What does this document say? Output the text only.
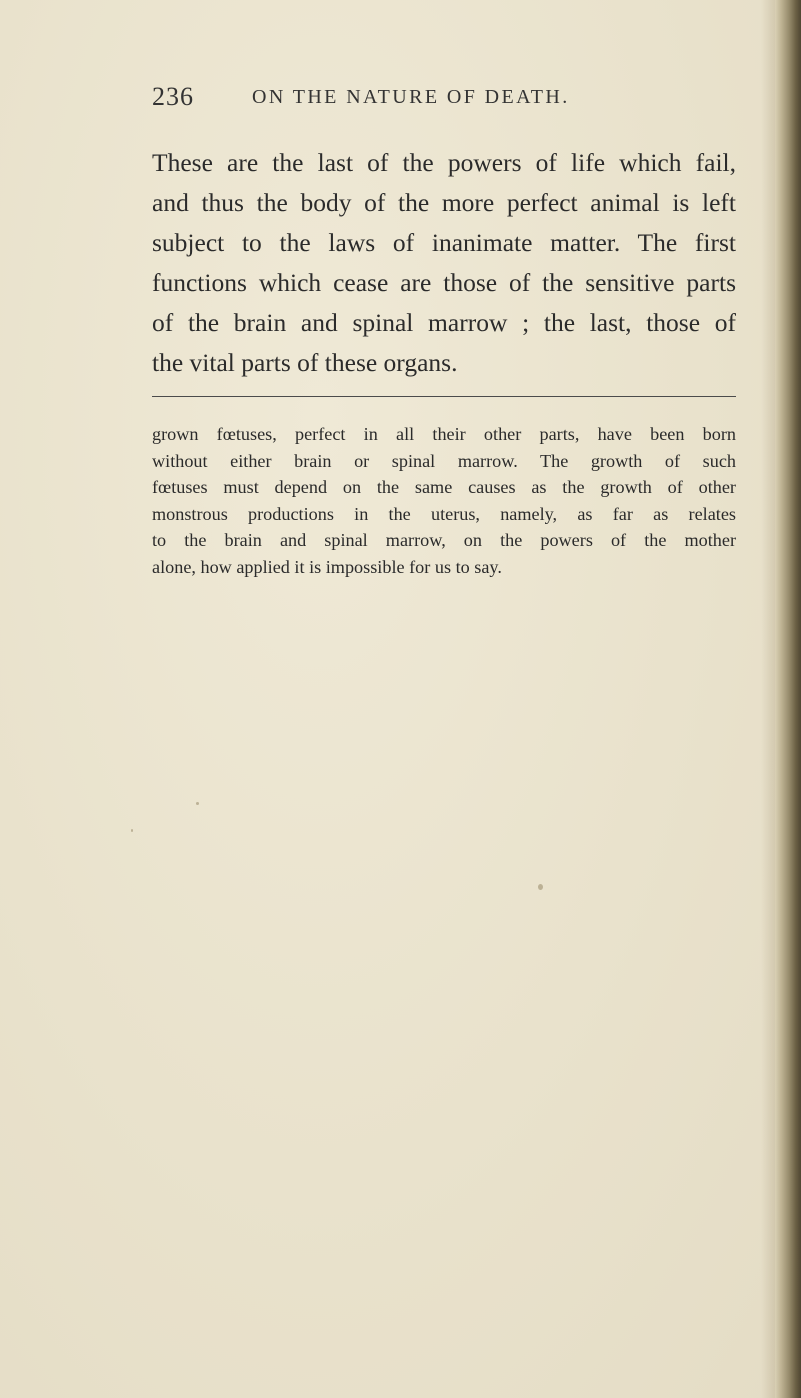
236	ON THE NATURE OF DEATH.
These are the last of the powers of life which fail,
and thus the body of the more perfect animal is left
subject to the laws of inanimate matter. The first
functions which cease are those of the sensitive parts
of the brain and spinal marrow ; the last, those of
the vital parts of these organs.
grown fœtuses, perfect in all their other parts, have been born
without either brain or spinal marrow. The growth of such
fœtuses must depend on the same causes as the growth of other
monstrous productions in the uterus, namely, as far as relates
to the brain and spinal marrow, on the powers of the mother
alone, how applied it is impossible for us to say.
